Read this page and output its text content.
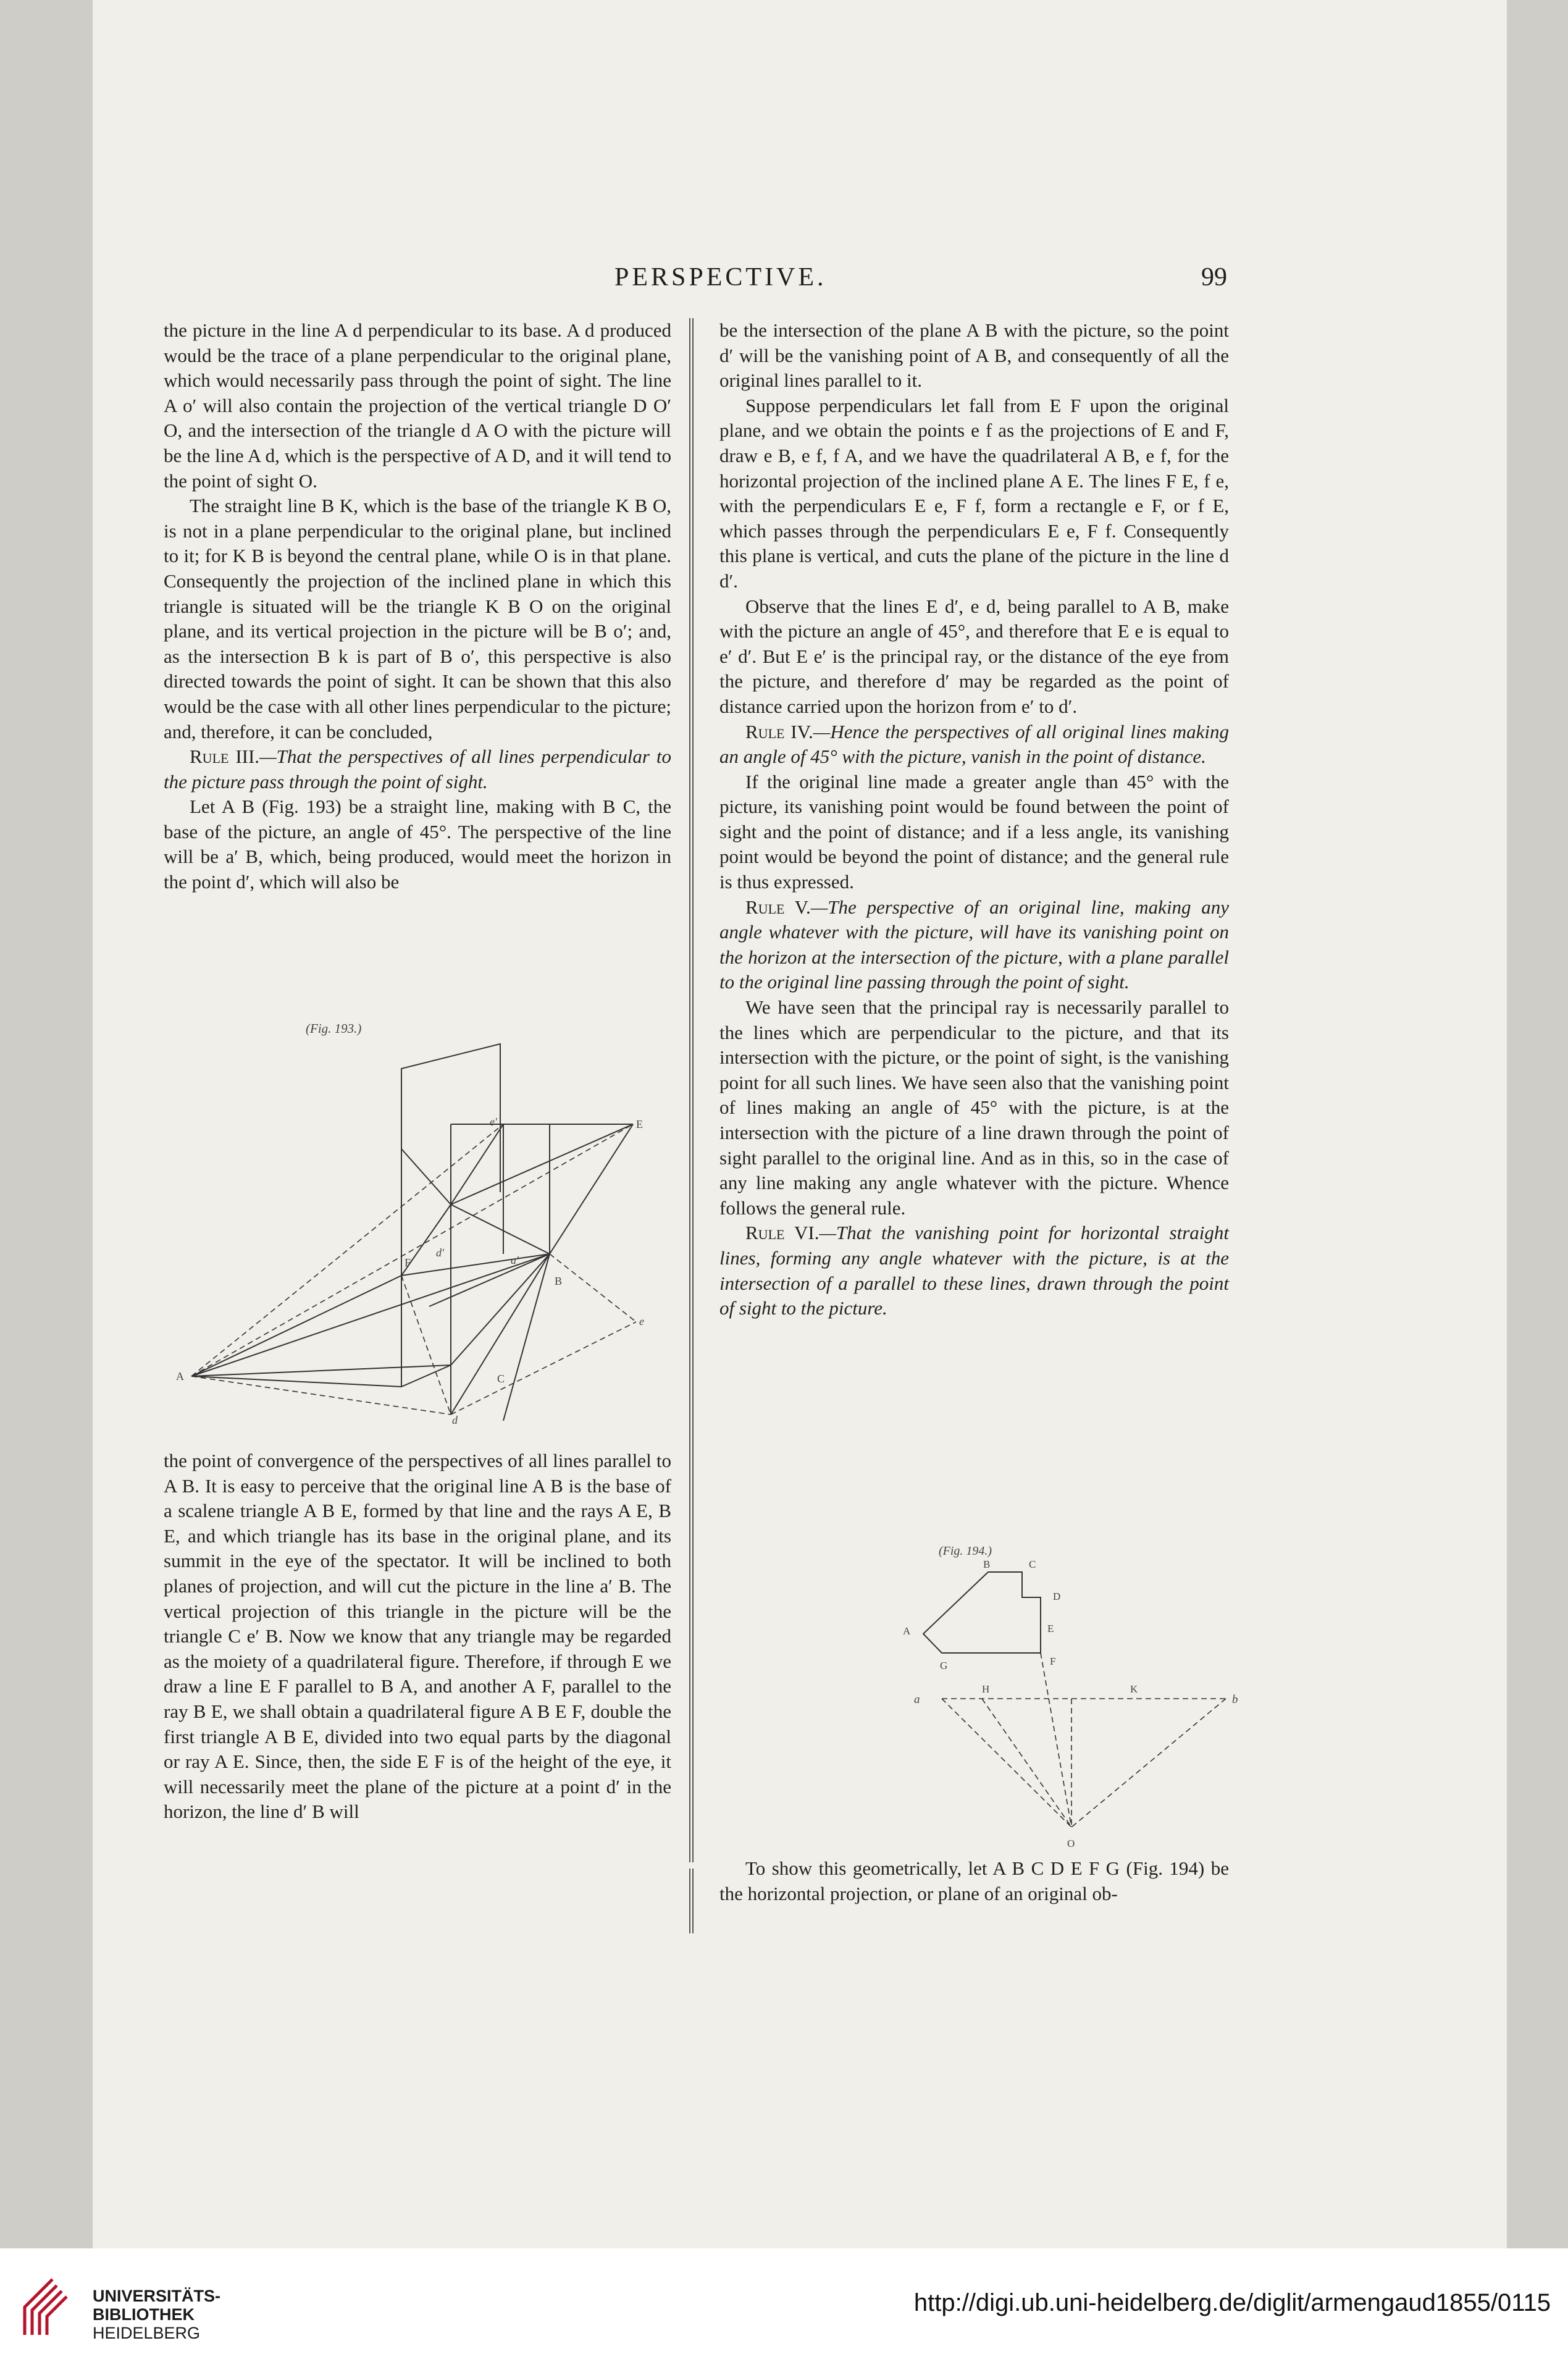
PERSPECTIVE.	99

the picture in the line A d perpendicular to its base. A d produced would be the trace of a plane perpendicular to the original plane, which would necessarily pass through the point of sight. The line A o′ will also contain the projection of the vertical triangle D O′ O, and the intersection of the triangle d A O with the picture will be the line A d, which is the perspective of A D, and it will tend to the point of sight O.

The straight line B K, which is the base of the triangle K B O, is not in a plane perpendicular to the original plane, but inclined to it; for K B is beyond the central plane, while O is in that plane. Consequently the projection of the inclined plane in which this triangle is situated will be the triangle K B O on the original plane, and its vertical projection in the picture will be B o′; and, as the intersection B k is part of B o′, this perspective is also directed towards the point of sight. It can be shown that this also would be the case with all other lines perpendicular to the picture; and, therefore, it can be concluded,

Rule III.—That the perspectives of all lines perpendicular to the picture pass through the point of sight.

Let A B (Fig. 193) be a straight line, making with B C, the base of the picture, an angle of 45°. The perspective of the line will be a′ B, which, being produced, would meet the horizon in the point d′, which will also be

the point of convergence of the perspectives of all lines parallel to A B. It is easy to perceive that the original line A B is the base of a scalene triangle A B E, formed by that line and the rays A E, B E, and which triangle has its base in the original plane, and its summit in the eye of the spectator. It will be inclined to both planes of projection, and will cut the picture in the line a′ B. The vertical projection of this triangle in the picture will be the triangle C e′ B. Now we know that any triangle may be regarded as the moiety of a quadrilateral figure. Therefore, if through E we draw a line E F parallel to B A, and another A F, parallel to the ray B E, we shall obtain a quadrilateral figure A B E F, double the first triangle A B E, divided into two equal parts by the diagonal or ray A E. Since, then, the side E F is of the height of the eye, it will necessarily meet the plane of the picture at a point d′ in the horizon, the line d′ B will

be the intersection of the plane A B with the picture, so the point d′ will be the vanishing point of A B, and consequently of all the original lines parallel to it.

Suppose perpendiculars let fall from E F upon the original plane, and we obtain the points e f as the projections of E and F, draw e B, e f, f A, and we have the quadrilateral A B, e f, for the horizontal projection of the inclined plane A E. The lines F E, f e, with the perpendiculars E e, F f, form a rectangle e F, or f E, which passes through the perpendiculars E e, F f. Consequently this plane is vertical, and cuts the plane of the picture in the line d d′.

Observe that the lines E d′, e d, being parallel to A B, make with the picture an angle of 45°, and therefore that E e is equal to e′ d′. But E e′ is the principal ray, or the distance of the eye from the picture, and therefore d′ may be regarded as the point of distance carried upon the horizon from e′ to d′.

Rule IV.—Hence the perspectives of all original lines making an angle of 45° with the picture, vanish in the point of distance.

If the original line made a greater angle than 45° with the picture, its vanishing point would be found between the point of sight and the point of distance; and if a less angle, its vanishing point would be beyond the point of distance; and the general rule is thus expressed.

Rule V.—The perspective of an original line, making any angle whatever with the picture, will have its vanishing point on the horizon at the intersection of the picture, with a plane parallel to the original line passing through the point of sight.

We have seen that the principal ray is necessarily parallel to the lines which are perpendicular to the picture, and that its intersection with the picture, or the point of sight, is the vanishing point for all such lines. We have seen also that the vanishing point of lines making an angle of 45° with the picture, is at the intersection with the picture of a line drawn through the point of sight parallel to the original line. And as in this, so in the case of any line making any angle whatever with the picture. Whence follows the general rule.

Rule VI.—That the vanishing point for horizontal straight lines, forming any angle whatever with the picture, is at the intersection of a parallel to these lines, drawn through the point of sight to the picture.

To show this geometrically, let A B C D E F G (Fig. 194) be the horizontal projection, or plane of an original ob-

(Fig. 193.)
E
e′
F
d′
a′
B
e
A	C
d
(Fig. 194.)
B	C
D
A	E
G	F
a
H	K
b
O
UNIVERSITÄTS-
BIBLIOTHEK
HEIDELBERG
http://digi.ub.uni-heidelberg.de/diglit/armengaud1855/0115
